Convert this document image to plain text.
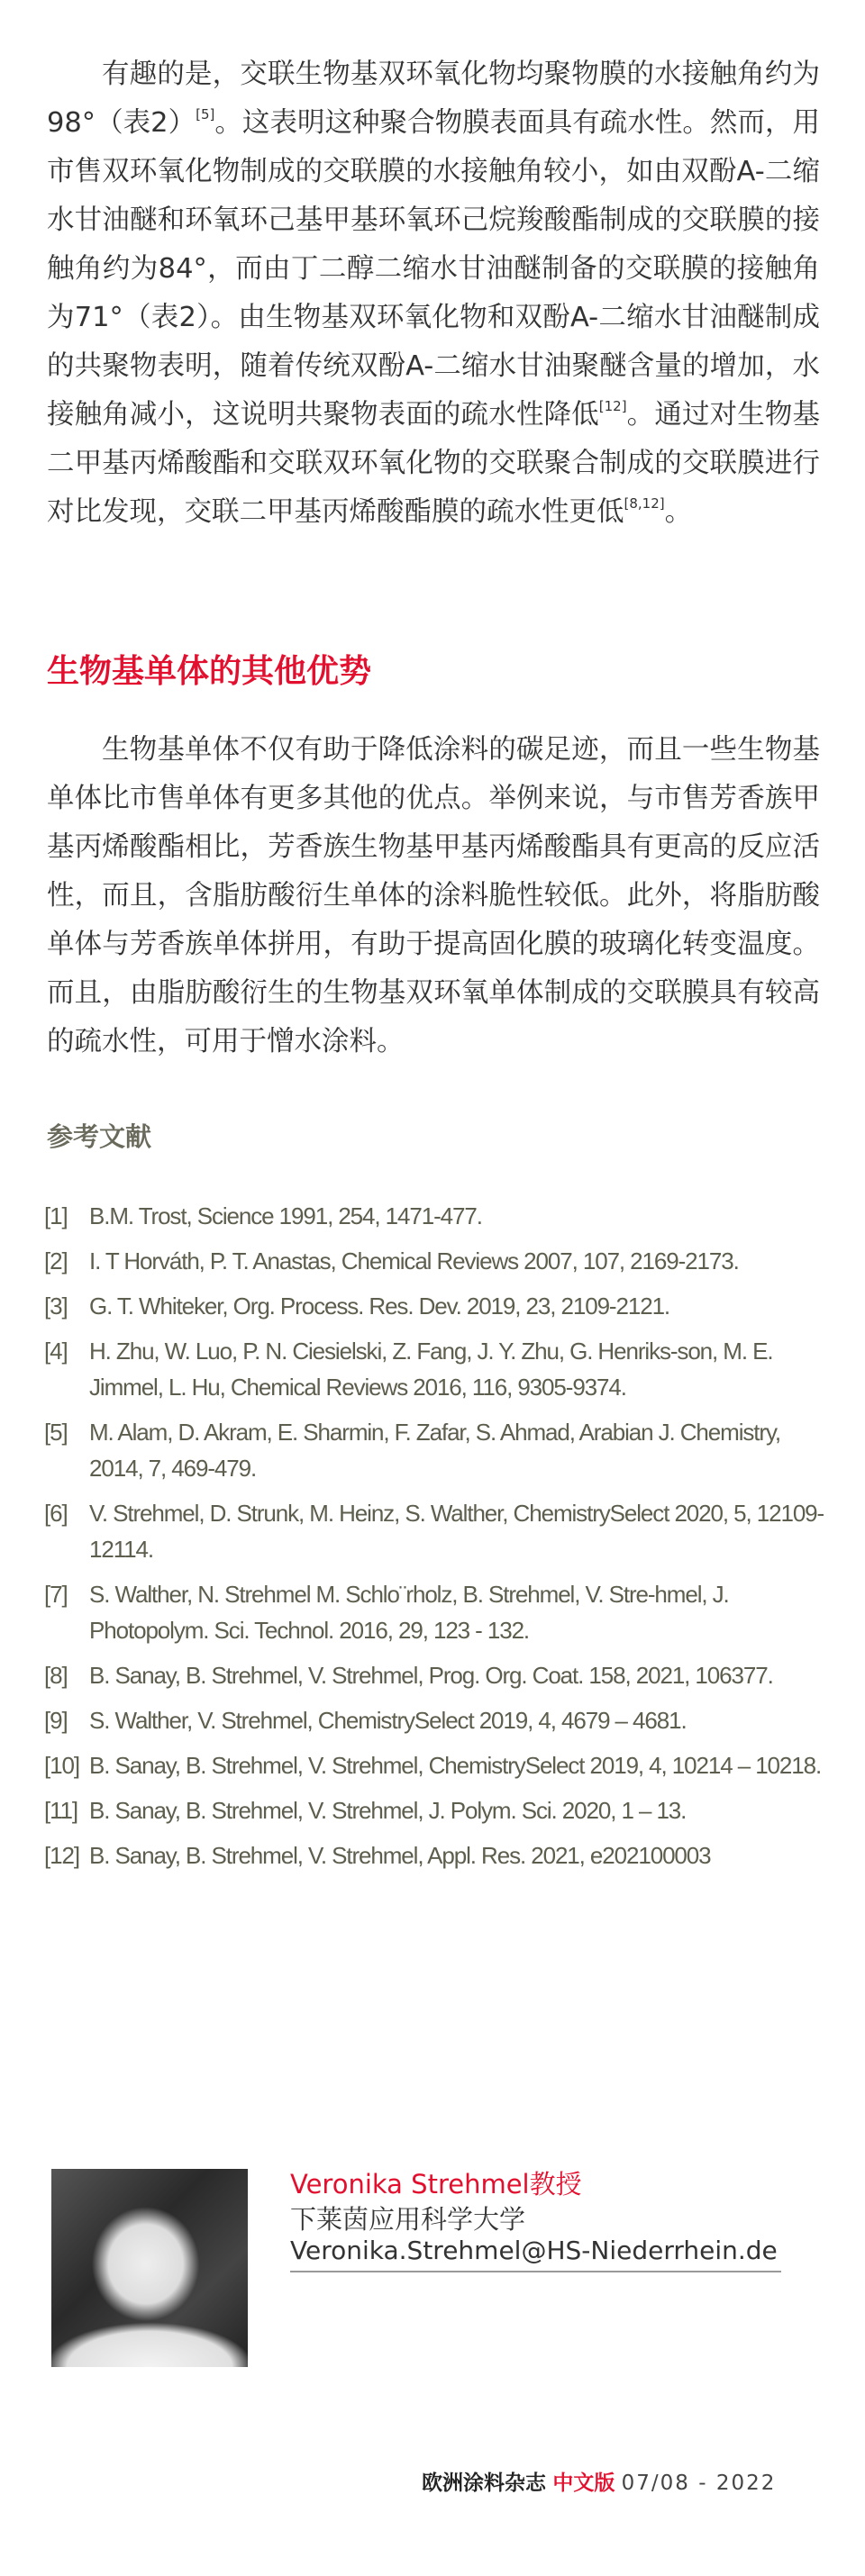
有趣的是，交联生物基双环氧化物均聚物膜的水接触角约为98°（表2）[5]。这表明这种聚合物膜表面具有疏水性。然而，用市售双环氧化物制成的交联膜的水接触角较小，如由双酚A-二缩水甘油醚和环氧环己基甲基环氧环己烷羧酸酯制成的交联膜的接触角约为84°，而由丁二醇二缩水甘油醚制备的交联膜的接触角为71°（表2）。由生物基双环氧化物和双酚A-二缩水甘油醚制成的共聚物表明，随着传统双酚A-二缩水甘油聚醚含量的增加，水接触角减小，这说明共聚物表面的疏水性降低[12]。通过对生物基二甲基丙烯酸酯和交联双环氧化物的交联聚合制成的交联膜进行对比发现，交联二甲基丙烯酸酯膜的疏水性更低[8,12]。

生物基单体的其他优势

生物基单体不仅有助于降低涂料的碳足迹，而且一些生物基单体比市售单体有更多其他的优点。举例来说，与市售芳香族甲基丙烯酸酯相比，芳香族生物基甲基丙烯酸酯具有更高的反应活性，而且，含脂肪酸衍生单体的涂料脆性较低。此外，将脂肪酸单体与芳香族单体拼用，有助于提高固化膜的玻璃化转变温度。而且，由脂肪酸衍生的生物基双环氧单体制成的交联膜具有较高的疏水性，可用于憎水涂料。

参考文献
[1] B.M. Trost, Science 1991, 254, 1471-477.
[2] I. T Horváth, P. T. Anastas, Chemical Reviews 2007, 107, 2169-2173.
[3] G. T. Whiteker, Org. Process. Res. Dev. 2019, 23, 2109-2121.
[4] H. Zhu, W. Luo, P. N. Ciesielski, Z. Fang, J. Y. Zhu, G. Henriks-son, M. E. Jimmel, L. Hu, Chemical Reviews 2016, 116, 9305-9374.
[5] M. Alam, D. Akram, E. Sharmin, F. Zafar, S. Ahmad, Arabian J. Chemistry, 2014, 7, 469-479.
[6] V. Strehmel, D. Strunk, M. Heinz, S. Walther, ChemistrySelect 2020, 5, 12109-12114.
[7] S. Walther, N. Strehmel M. Schlo¨rholz, B. Strehmel, V. Stre-hmel, J. Photopolym. Sci. Technol. 2016, 29, 123 - 132.
[8] B. Sanay, B. Strehmel, V. Strehmel, Prog. Org. Coat. 158, 2021, 106377.
[9] S. Walther, V. Strehmel, ChemistrySelect 2019, 4, 4679 – 4681.
[10] B. Sanay, B. Strehmel, V. Strehmel, ChemistrySelect 2019, 4, 10214 – 10218.
[11] B. Sanay, B. Strehmel, V. Strehmel, J. Polym. Sci. 2020, 1 – 13.
[12] B. Sanay, B. Strehmel, V. Strehmel, Appl. Res. 2021, e202100003
Veronika Strehmel教授
下莱茵应用科学大学
Veronika.Strehmel@HS-Niederrhein.de
欧洲涂料杂志 中文版 07/08 - 2022
